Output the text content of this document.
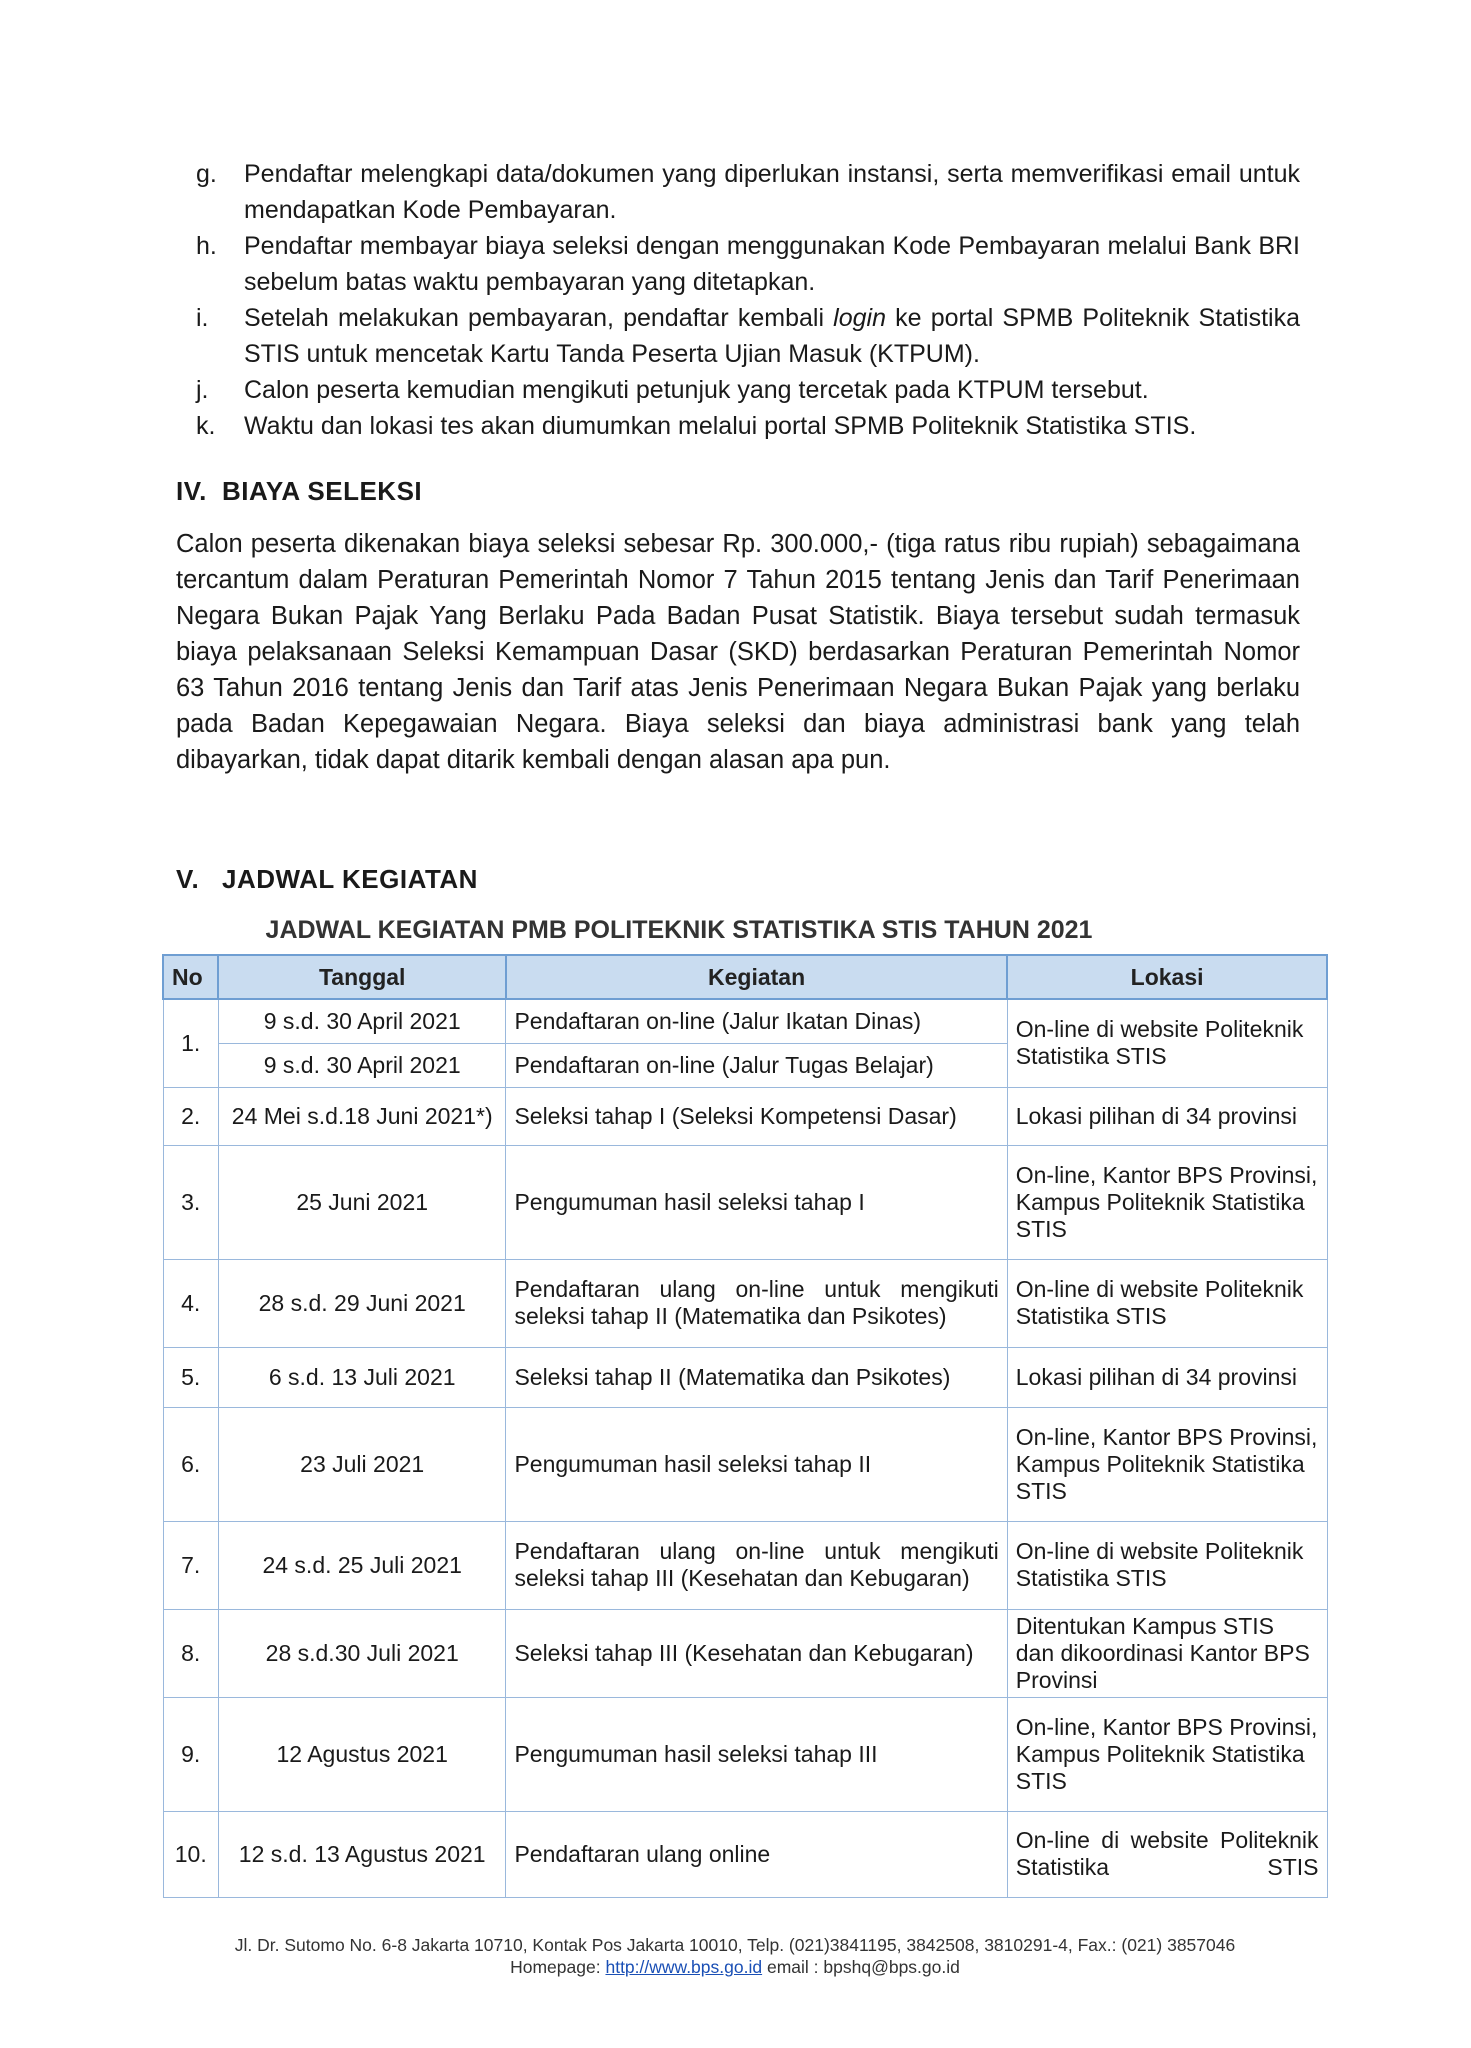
g.	Pendaftar melengkapi data/dokumen yang diperlukan instansi, serta memverifikasi email untuk mendapatkan Kode Pembayaran.
h.	Pendaftar membayar biaya seleksi dengan menggunakan Kode Pembayaran melalui Bank BRI sebelum batas waktu pembayaran yang ditetapkan.
i.	Setelah melakukan pembayaran, pendaftar kembali login ke portal SPMB Politeknik Statistika STIS untuk mencetak Kartu Tanda Peserta Ujian Masuk (KTPUM).
j.	Calon peserta kemudian mengikuti petunjuk yang tercetak pada KTPUM tersebut.
k.	Waktu dan lokasi tes akan diumumkan melalui portal SPMB Politeknik Statistika STIS.
IV. BIAYA SELEKSI
Calon peserta dikenakan biaya seleksi sebesar Rp. 300.000,- (tiga ratus ribu rupiah) sebagaimana tercantum dalam Peraturan Pemerintah Nomor 7 Tahun 2015 tentang Jenis dan Tarif Penerimaan Negara Bukan Pajak Yang Berlaku Pada Badan Pusat Statistik. Biaya tersebut sudah termasuk biaya pelaksanaan Seleksi Kemampuan Dasar (SKD) berdasarkan Peraturan Pemerintah Nomor 63 Tahun 2016 tentang Jenis dan Tarif atas Jenis Penerimaan Negara Bukan Pajak yang berlaku pada Badan Kepegawaian Negara. Biaya seleksi dan biaya administrasi bank yang telah dibayarkan, tidak dapat ditarik kembali dengan alasan apa pun.
V. JADWAL KEGIATAN
JADWAL KEGIATAN PMB POLITEKNIK STATISTIKA STIS TAHUN 2021
No	Tanggal	Kegiatan	Lokasi
1.	9 s.d. 30 April 2021	Pendaftaran on-line (Jalur Ikatan Dinas)	On-line di website Politeknik Statistika STIS
	9 s.d. 30 April 2021	Pendaftaran on-line (Jalur Tugas Belajar)	
2.	24 Mei s.d.18 Juni 2021*)	Seleksi tahap I (Seleksi Kompetensi Dasar)	Lokasi pilihan di 34 provinsi
3.	25 Juni 2021	Pengumuman hasil seleksi tahap I	On-line, Kantor BPS Provinsi, Kampus Politeknik Statistika STIS
4.	28 s.d. 29 Juni 2021	Pendaftaran ulang on-line untuk mengikuti seleksi tahap II (Matematika dan Psikotes)	On-line di website Politeknik Statistika STIS
5.	6 s.d. 13 Juli 2021	Seleksi tahap II (Matematika dan Psikotes)	Lokasi pilihan di 34 provinsi
6.	23 Juli 2021	Pengumuman hasil seleksi tahap II	On-line, Kantor BPS Provinsi, Kampus Politeknik Statistika STIS
7.	24 s.d. 25 Juli 2021	Pendaftaran ulang on-line untuk mengikuti seleksi tahap III (Kesehatan dan Kebugaran)	On-line di website Politeknik Statistika STIS
8.	28 s.d.30 Juli 2021	Seleksi tahap III (Kesehatan dan Kebugaran)	Ditentukan Kampus STIS dan dikoordinasi Kantor BPS Provinsi
9.	12 Agustus 2021	Pengumuman hasil seleksi tahap III	On-line, Kantor BPS Provinsi, Kampus Politeknik Statistika STIS
10.	12 s.d. 13 Agustus 2021	Pendaftaran ulang online	On-line di website Politeknik Statistika STIS
Jl. Dr. Sutomo No. 6-8 Jakarta 10710, Kontak Pos Jakarta 10010, Telp. (021)3841195, 3842508, 3810291-4, Fax.: (021) 3857046
Homepage: http://www.bps.go.id email : bpshq@bps.go.id
